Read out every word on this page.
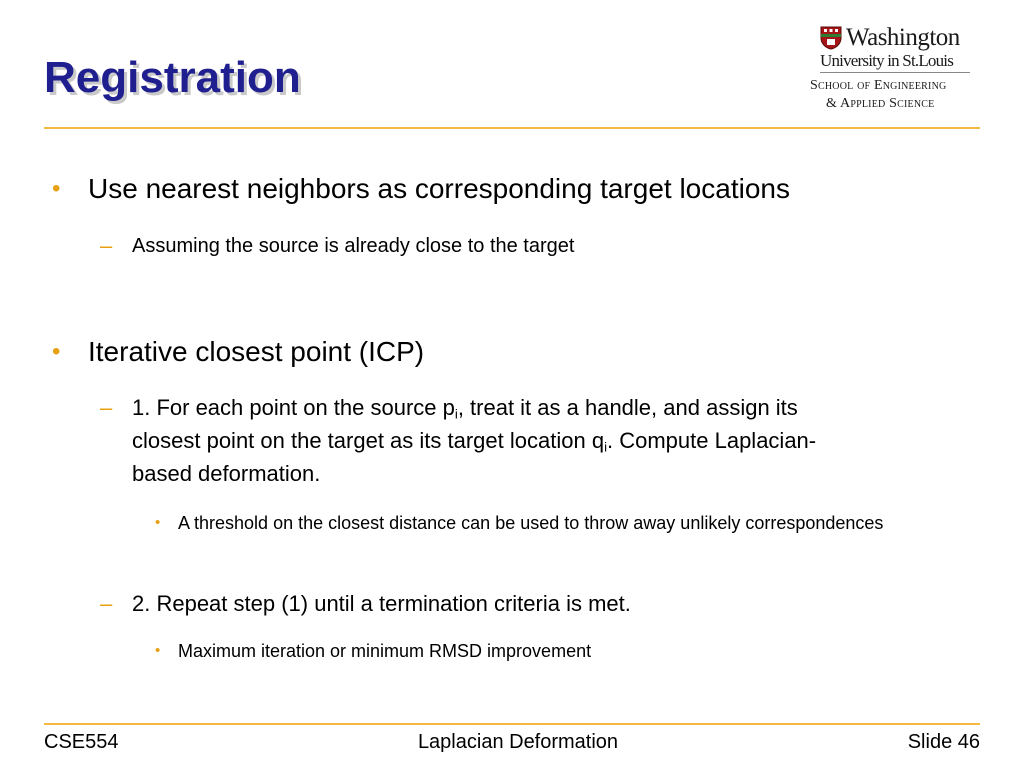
Registration
Washington
University in St.Louis
School of Engineering
& Applied Science
• Use nearest neighbors as corresponding target locations
– Assuming the source is already close to the target
• Iterative closest point (ICP)
– 1. For each point on the source $p_i$, treat it as a handle, and assign its
closest point on the target as its target location $q_i$. Compute Laplacian-
based deformation.
• A threshold on the closest distance can be used to throw away unlikely correspondences
– 2. Repeat step (1) until a termination criteria is met.
• Maximum iteration or minimum RMSD improvement
CSE554	Laplacian Deformation	Slide 46
